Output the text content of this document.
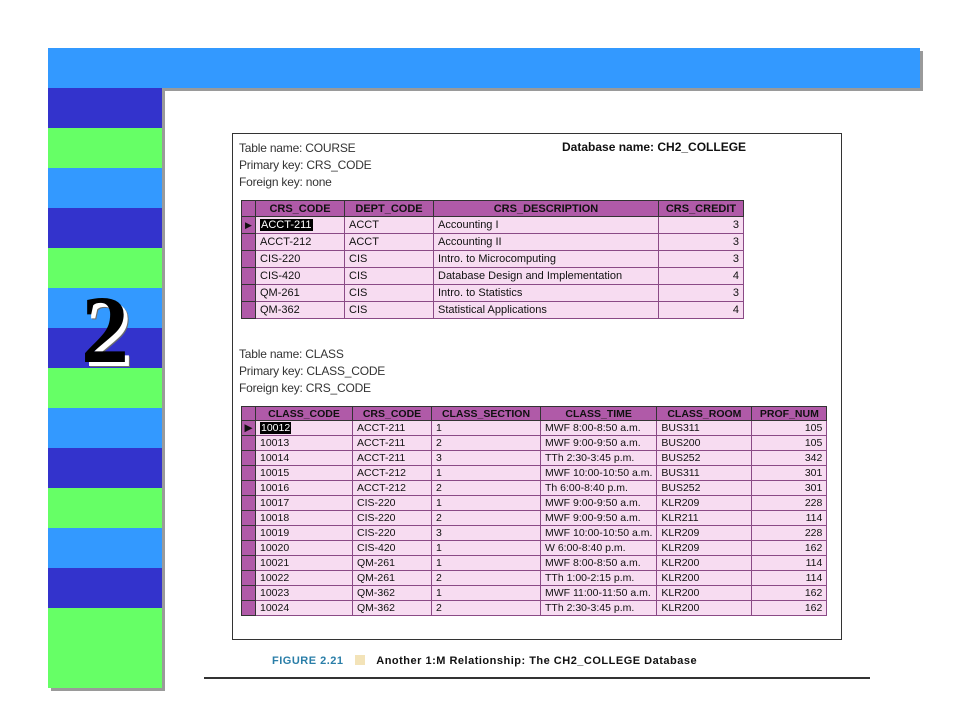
2
Table name: COURSE
Primary key: CRS_CODE
Foreign key: none
Database name: CH2_COLLEGE
	CRS_CODE	DEPT_CODE	CRS_DESCRIPTION	CRS_CREDIT
▶	ACCT-211	ACCT	Accounting I	3
	ACCT-212	ACCT	Accounting II	3
	CIS-220	CIS	Intro. to Microcomputing	3
	CIS-420	CIS	Database Design and Implementation	4
	QM-261	CIS	Intro. to Statistics	3
	QM-362	CIS	Statistical Applications	4
Table name: CLASS
Primary key: CLASS_CODE
Foreign key: CRS_CODE
	CLASS_CODE	CRS_CODE	CLASS_SECTION	CLASS_TIME	CLASS_ROOM	PROF_NUM
▶	10012	ACCT-211	1	MWF 8:00-8:50 a.m.	BUS311	105
	10013	ACCT-211	2	MWF 9:00-9:50 a.m.	BUS200	105
	10014	ACCT-211	3	TTh 2:30-3:45 p.m.	BUS252	342
	10015	ACCT-212	1	MWF 10:00-10:50 a.m.	BUS311	301
	10016	ACCT-212	2	Th 6:00-8:40 p.m.	BUS252	301
	10017	CIS-220	1	MWF 9:00-9:50 a.m.	KLR209	228
	10018	CIS-220	2	MWF 9:00-9:50 a.m.	KLR211	114
	10019	CIS-220	3	MWF 10:00-10:50 a.m.	KLR209	228
	10020	CIS-420	1	W 6:00-8:40 p.m.	KLR209	162
	10021	QM-261	1	MWF 8:00-8:50 a.m.	KLR200	114
	10022	QM-261	2	TTh 1:00-2:15 p.m.	KLR200	114
	10023	QM-362	1	MWF 11:00-11:50 a.m.	KLR200	162
	10024	QM-362	2	TTh 2:30-3:45 p.m.	KLR200	162
FIGURE 2.21	Another 1:M Relationship: The CH2_COLLEGE Database
